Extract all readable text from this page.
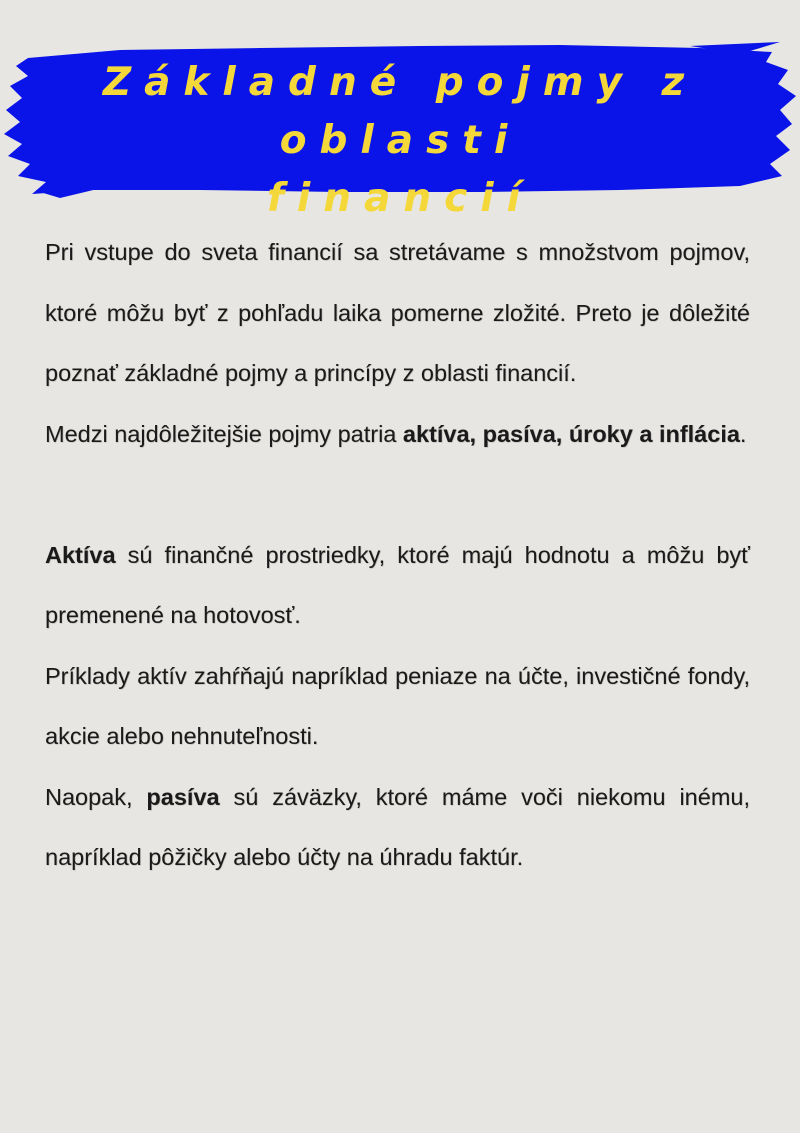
Základné pojmy z oblasti
financií

Pri vstupe do sveta financií sa stretávame s množstvom pojmov, ktoré môžu byť z pohľadu laika pomerne zložité. Preto je dôležité poznať základné pojmy a princípy z oblasti financií.

Medzi najdôležitejšie pojmy patria aktíva, pasíva, úroky a inflácia.

Aktíva sú finančné prostriedky, ktoré majú hodnotu a môžu byť premenené na hotovosť.

Príklady aktív zahŕňajú napríklad peniaze na účte, investičné fondy, akcie alebo nehnuteľnosti.

Naopak, pasíva sú záväzky, ktoré máme voči niekomu inému, napríklad pôžičky alebo účty na úhradu faktúr.
